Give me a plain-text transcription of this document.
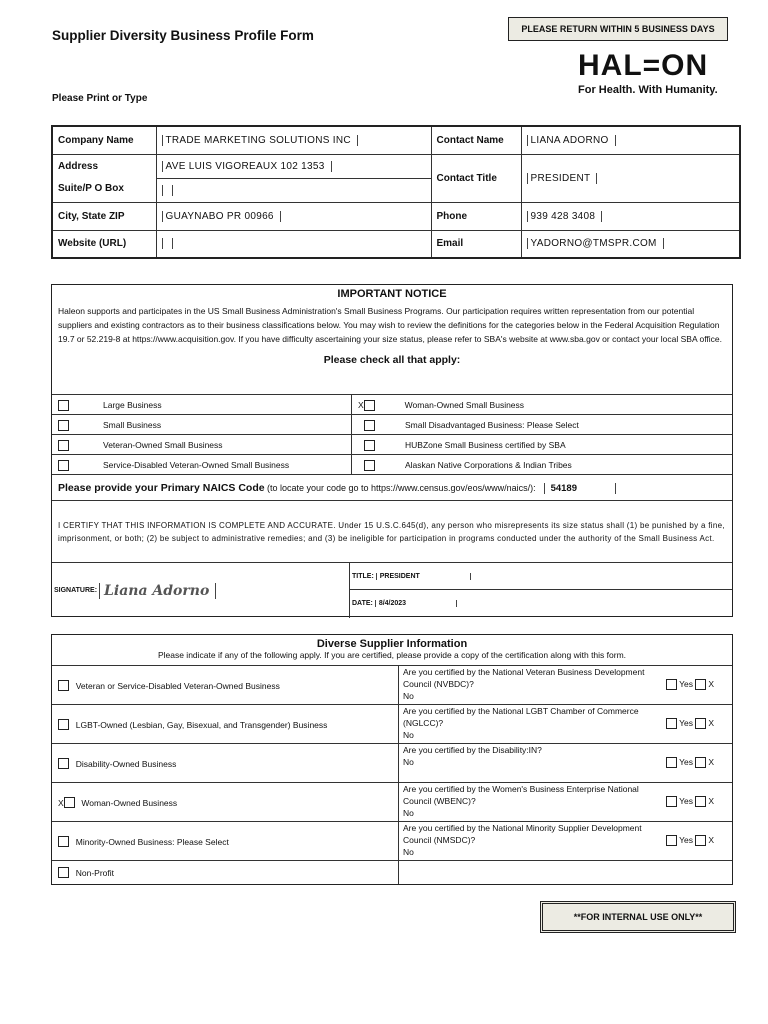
Supplier Diversity Business Profile Form	PLEASE RETURN WITHIN 5 BUSINESS DAYS
HAL=ON
For Health. With Humanity.
Please Print or Type
Company Name	TRADE MARKETING SOLUTIONS INC	Contact Name	LIANA ADORNO

Address
Suite/P O Box	AVE LUIS VIGOREAUX 102 1353	Contact Title	PRESIDENT

City, State ZIP	GUAYNABO PR 00966	Phone	939 428 3408
Website (URL)		Email	YADORNO@TMSPR.COM
IMPORTANT NOTICE
Haleon supports and participates in the US Small Business Administration's Small Business Programs. Our participation requires written representation from our potential suppliers and existing contractors as to their business classifications below. You may wish to review the definitions for the categories below in the Federal Acquisition Regulation 19.7 or 52.219-8 at https://www.acquisition.gov. If you have difficulty ascertaining your size status, please refer to SBA's website at www.sba.gov or contact your local SBA office.
Please check all that apply:
Large Business	X	Woman-Owned Small Business
Small Business	Small Disadvantaged Business: Please Select
Veteran-Owned Small Business	HUBZone Small Business certified by SBA
Service-Disabled Veteran-Owned Small Business	Alaskan Native Corporations & Indian Tribes
Please provide your Primary NAICS Code
(to locate your code go to https://www.census.gov/eos/www/naics/):	54189
I CERTIFY THAT THIS INFORMATION IS COMPLETE AND ACCURATE. Under 15 U.S.C.645(d), any person who misrepresents its size status shall (1) be punished by a fine, imprisonment, or both; (2) be subject to administrative remedies; and (3) be ineligible for participation in programs conducted under the authority of the Small Business Act.
SIGNATURE: Liana Adorno
TITLE:
PRESIDENT
DATE:
8/4/2023
Diverse Supplier Information
Please indicate if any of the following apply. If you are certified, please provide a copy of the certification along with this form.

Veteran or Service-Disabled Veteran-Owned Business
Are you certified by the National Veteran Business Development
Council (NVBDC)?
No
Yes X

LGBT-Owned (Lesbian, Gay, Bisexual, and Transgender) Business
Are you certified by the National LGBT Chamber of Commerce
(NGLCC)?
No
Yes X

Disability-Owned Business
Are you certified by the Disability:IN?
No	Yes X
X
Woman-Owned Business
Are you certified by the Women's Business Enterprise National
Council (WBENC)?
No
Yes X

Minority-Owned Business: Please Select
Are you certified by the National Minority Supplier Development
Council (NMSDC)?
No
Yes X

Non-Profit
**FOR INTERNAL USE ONLY**
